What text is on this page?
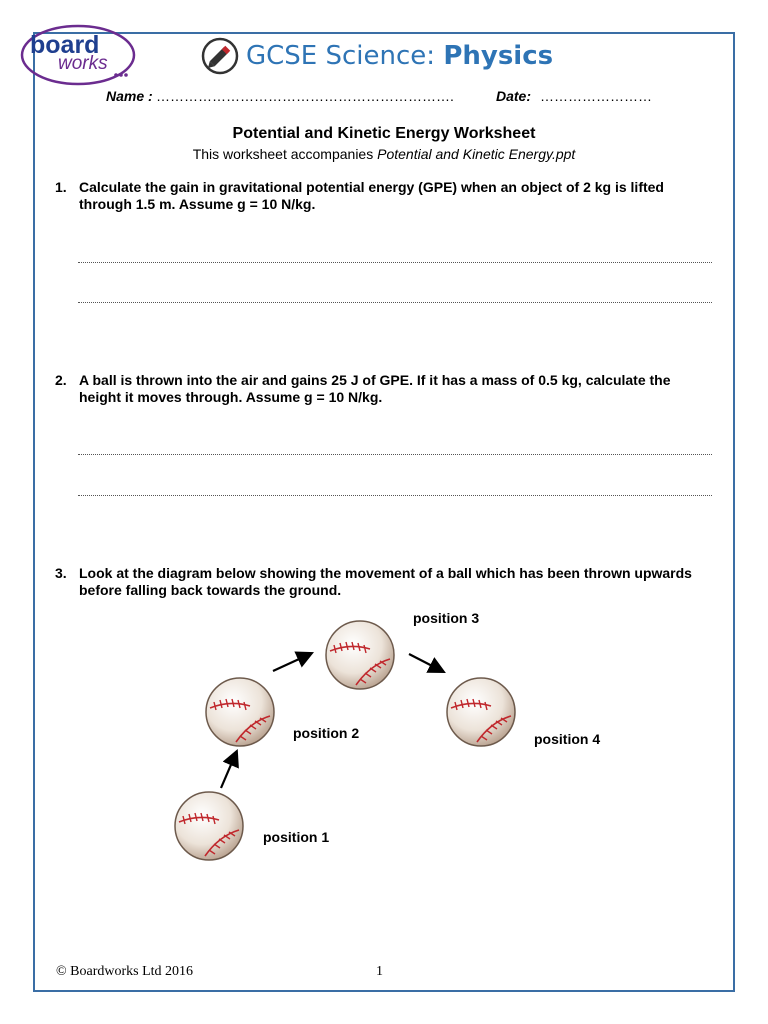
board
works	GCSE Science: Physics
Name : ……………………………………………………….	Date: ……………………
Potential and Kinetic Energy Worksheet
This worksheet accompanies Potential and Kinetic Energy.ppt
1. Calculate the gain in gravitational potential energy (GPE) when an object of 2 kg is lifted through 1.5 m. Assume g = 10 N/kg.
2. A ball is thrown into the air and gains 25 J of GPE. If it has a mass of 0.5 kg, calculate the height it moves through. Assume g = 10 N/kg.
3. Look at the diagram below showing the movement of a ball which has been thrown upwards before falling back towards the ground.
position 1
position 2
position 3
position 4
© Boardworks Ltd 2016	1
